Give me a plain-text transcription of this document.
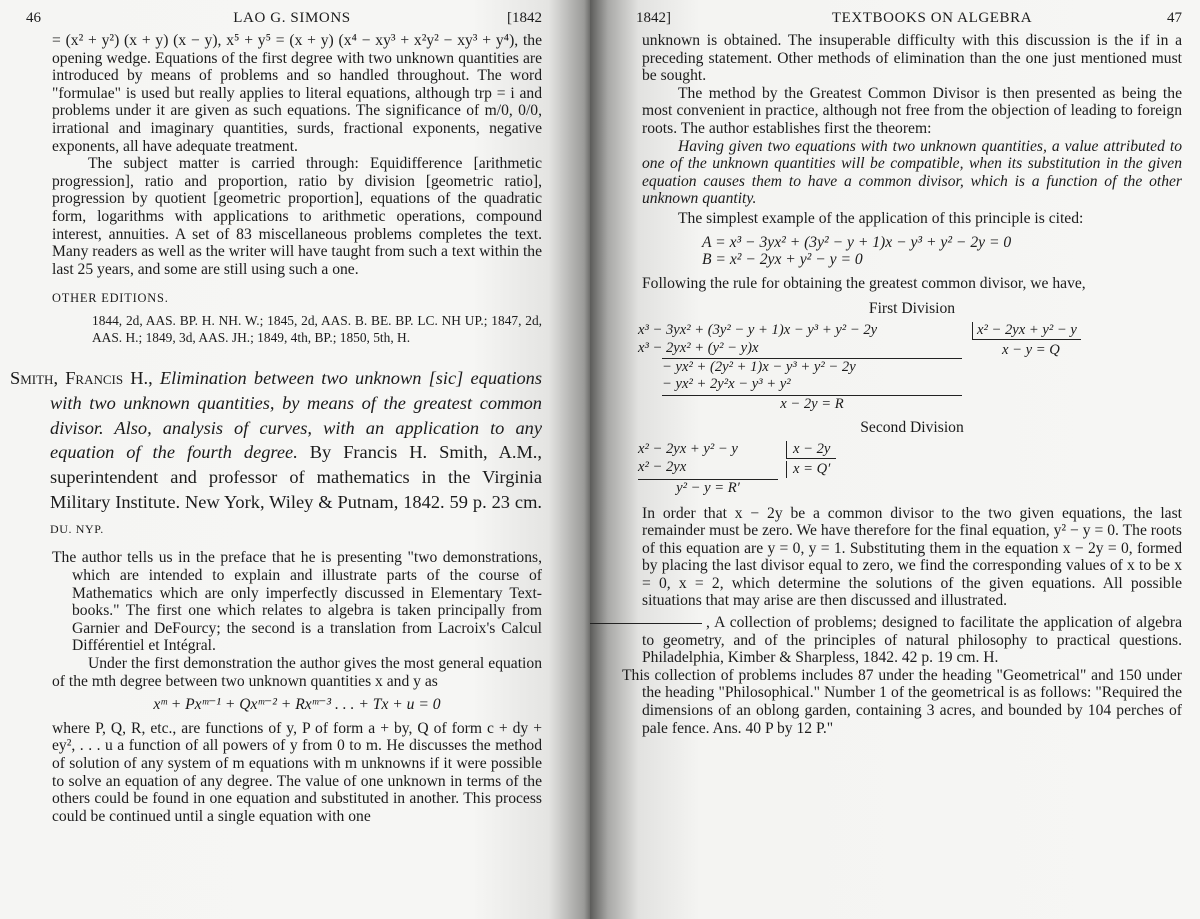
46	LAO G. SIMONS	[1842

= (x² + y²) (x + y) (x − y), x⁵ + y⁵ = (x + y) (x⁴ − xy³ + x²y² − xy³ + y⁴), the opening wedge. Equations of the first degree with two unknown quantities are introduced by means of problems and so handled throughout. The word "formulae" is used but really applies to literal equations, although trp = i and problems under it are given as such equations. The significance of m/0, 0/0, irrational and imaginary quantities, surds, fractional exponents, negative exponents, all have adequate treatment.

The subject matter is carried through: Equidifference [arithmetic progression], ratio and proportion, ratio by division [geometric ratio], progression by quotient [geometric proportion], equations of the quadratic form, logarithms with applications to arithmetic operations, compound interest, annuities. A set of 83 miscellaneous problems completes the text. Many readers as well as the writer will have taught from such a text within the last 25 years, and some are still using such a one.

OTHER EDITIONS.

1844, 2d, AAS. BP. H. NH. W.; 1845, 2d, AAS. B. BE. BP. LC. NH UP.; 1847, 2d, AAS. H.; 1849, 3d, AAS. JH.; 1849, 4th, BP.; 1850, 5th, H.

Smith, Francis H., Elimination between two unknown [sic] equations with two unknown quantities, by means of the greatest common divisor. Also, analysis of curves, with an application to any equation of the fourth degree. By Francis H. Smith, A.M., superintendent and professor of mathematics in the Virginia Military Institute. New York, Wiley & Putnam, 1842. 59 p. 23 cm. DU. NYP.

The author tells us in the preface that he is presenting "two demonstrations, which are intended to explain and illustrate parts of the course of Mathematics which are only imperfectly discussed in Elementary Text-books." The first one which relates to algebra is taken principally from Garnier and DeFourcy; the second is a translation from Lacroix's Calcul Différentiel et Intégral.

Under the first demonstration the author gives the most general equation of the mth degree between two unknown quantities x and y as

xᵐ + Pxᵐ⁻¹ + Qxᵐ⁻² + Rxᵐ⁻³ . . . + Tx + u = 0

where P, Q, R, etc., are functions of y, P of form a + by, Q of form c + dy + ey², . . . u a function of all powers of y from 0 to m. He discusses the method of solution of any system of m equations with m unknowns if it were possible to solve an equation of any degree. The value of one unknown in terms of the others could be found in one equation and substituted in another. This process could be continued until a single equation with one

1842]	TEXTBOOKS ON ALGEBRA	47

unknown is obtained. The insuperable difficulty with this discussion is the if in a preceding statement. Other methods of elimination than the one just mentioned must be sought.

The method by the Greatest Common Divisor is then presented as being the most convenient in practice, although not free from the objection of leading to foreign roots. The author establishes first the theorem:

Having given two equations with two unknown quantities, a value attributed to one of the unknown quantities will be compatible, when its substitution in the given equation causes them to have a common divisor, which is a function of the other unknown quantity.

The simplest example of the application of this principle is cited:

A = x³ − 3yx² + (3y² − y + 1)x − y³ + y² − 2y = 0
B = x² − 2yx + y² − y = 0

Following the rule for obtaining the greatest common divisor, we have,

First Division
x³ − 3yx² + (3y² − y + 1)x − y³ + y² − 2y	x² − 2yx + y² − y
x³ − 2yx² + (y² − y)x	x − y = Q
− yx² + (2y² + 1)x − y³ + y² − 2y
− yx² + 2y²x − y³ + y²
x − 2y = R
Second Division
x² − 2yx + y² − y	x − 2y
x² − 2yx	x = Q′
y² − y = R′

In order that x − 2y be a common divisor to the two given equations, the last remainder must be zero. We have therefore for the final equation, y² − y = 0. The roots of this equation are y = 0, y = 1. Substituting them in the equation x − 2y = 0, formed by placing the last divisor equal to zero, we find the corresponding values of x to be x = 0, x = 2, which determine the solutions of the given equations. All possible situations that may arise are then discussed and illustrated.

, A collection of problems; designed to facilitate the application of algebra to geometry, and of the principles of natural philosophy to practical questions. Philadelphia, Kimber & Sharpless, 1842. 42 p. 19 cm. H.

This collection of problems includes 87 under the heading "Geometrical" and 150 under the heading "Philosophical." Number 1 of the geometrical is as follows: "Required the dimensions of an oblong garden, containing 3 acres, and bounded by 104 perches of pale fence. Ans. 40 P by 12 P."
